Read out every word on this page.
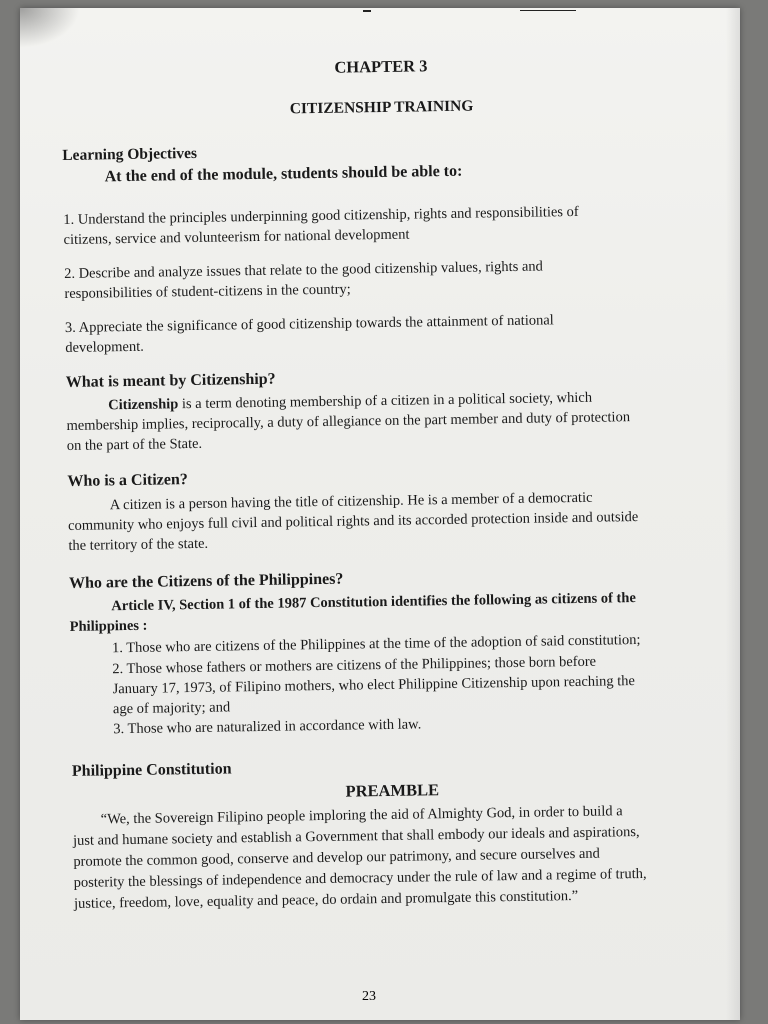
CHAPTER 3
CITIZENSHIP TRAINING
Learning Objectives
At the end of the module, students should be able to:
1. Understand the principles underpinning good citizenship, rights and responsibilities of
citizens, service and volunteerism for national development
2. Describe and analyze issues that relate to the good citizenship values, rights and
responsibilities of student-citizens in the country;
3. Appreciate the significance of good citizenship towards the attainment of national
development.
What is meant by Citizenship?
Citizenship is a term denoting membership of a citizen in a political society, which
membership implies, reciprocally, a duty of allegiance on the part member and duty of protection
on the part of the State.
Who is a Citizen?
A citizen is a person having the title of citizenship. He is a member of a democratic
community who enjoys full civil and political rights and its accorded protection inside and outside
the territory of the state.
Who are the Citizens of the Philippines?
Article IV, Section 1 of the 1987 Constitution identifies the following as citizens of the
Philippines :
1. Those who are citizens of the Philippines at the time of the adoption of said constitution;
2. Those whose fathers or mothers are citizens of the Philippines; those born before
January 17, 1973, of Filipino mothers, who elect Philippine Citizenship upon reaching the
age of majority; and
3. Those who are naturalized in accordance with law.
Philippine Constitution
PREAMBLE
“We, the Sovereign Filipino people imploring the aid of Almighty God, in order to build a
just and humane society and establish a Government that shall embody our ideals and aspirations,
promote the common good, conserve and develop our patrimony, and secure ourselves and
posterity the blessings of independence and democracy under the rule of law and a regime of truth,
justice, freedom, love, equality and peace, do ordain and promulgate this constitution.”
23
